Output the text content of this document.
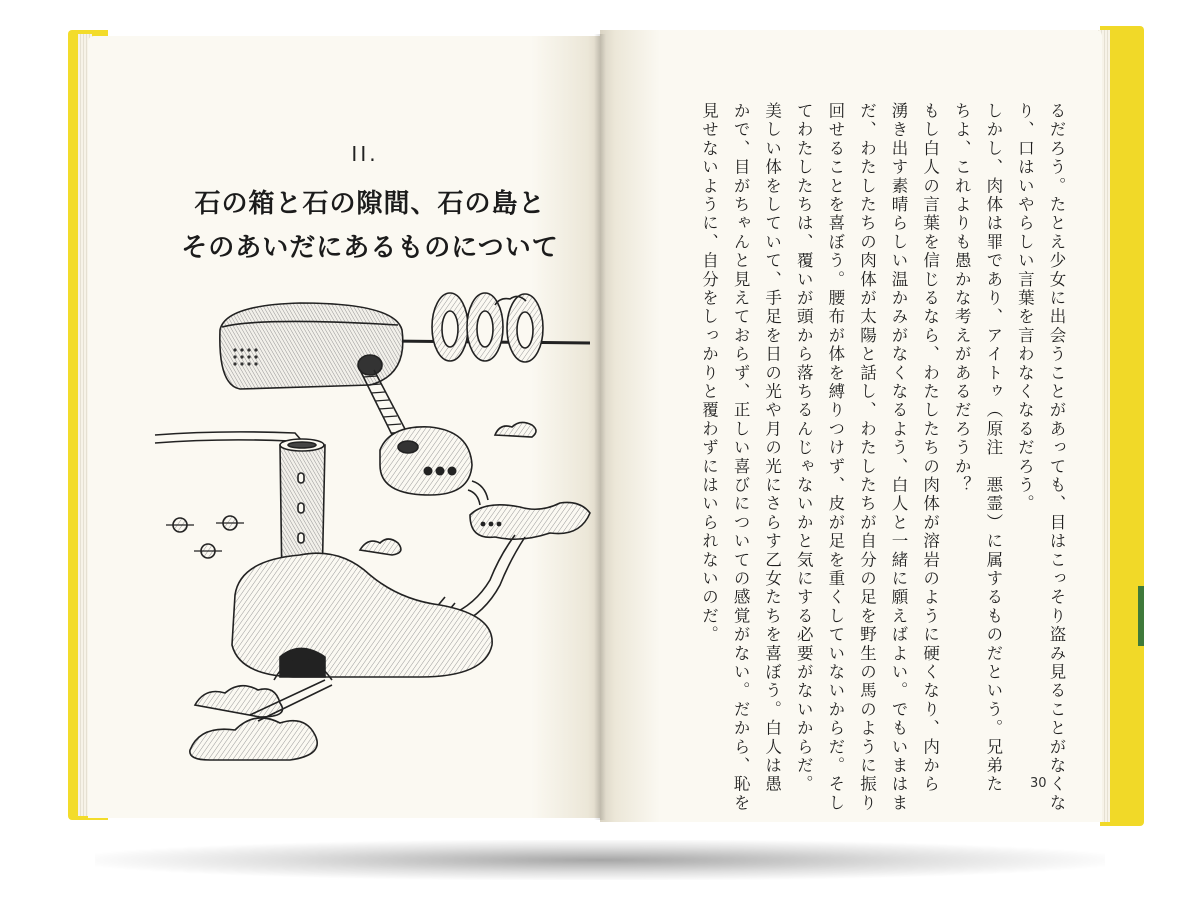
II.
石の箱と石の隙間、石の島と
そのあいだにあるものについて	るだろう。たとえ少女に出会うことがあっても、目はこっそり盗み見ることがなくな

り、口はいやらしい言葉を言わなくなるだろう。

しかし、肉体は罪であり、アイトゥ（原注　悪霊）に属するものだという。兄弟た

ちよ、これよりも愚かな考えがあるだろうか？

もし白人の言葉を信じるなら、わたしたちの肉体が溶岩のように硬くなり、内から

湧き出す素晴らしい温かみがなくなるよう、白人と一緒に願えばよい。でもいまはま

だ、わたしたちの肉体が太陽と話し、わたしたちが自分の足を野生の馬のように振り

回せることを喜ぼう。腰布が体を縛りつけず、皮が足を重くしていないからだ。そし

てわたしたちは、覆いが頭から落ちるんじゃないかと気にする必要がないからだ。

美しい体をしていて、手足を日の光や月の光にさらす乙女たちを喜ぼう。白人は愚

かで、目がちゃんと見えておらず、正しい喜びについての感覚がない。だから、恥を

見せないように、自分をしっかりと覆わずにはいられないのだ。

30
